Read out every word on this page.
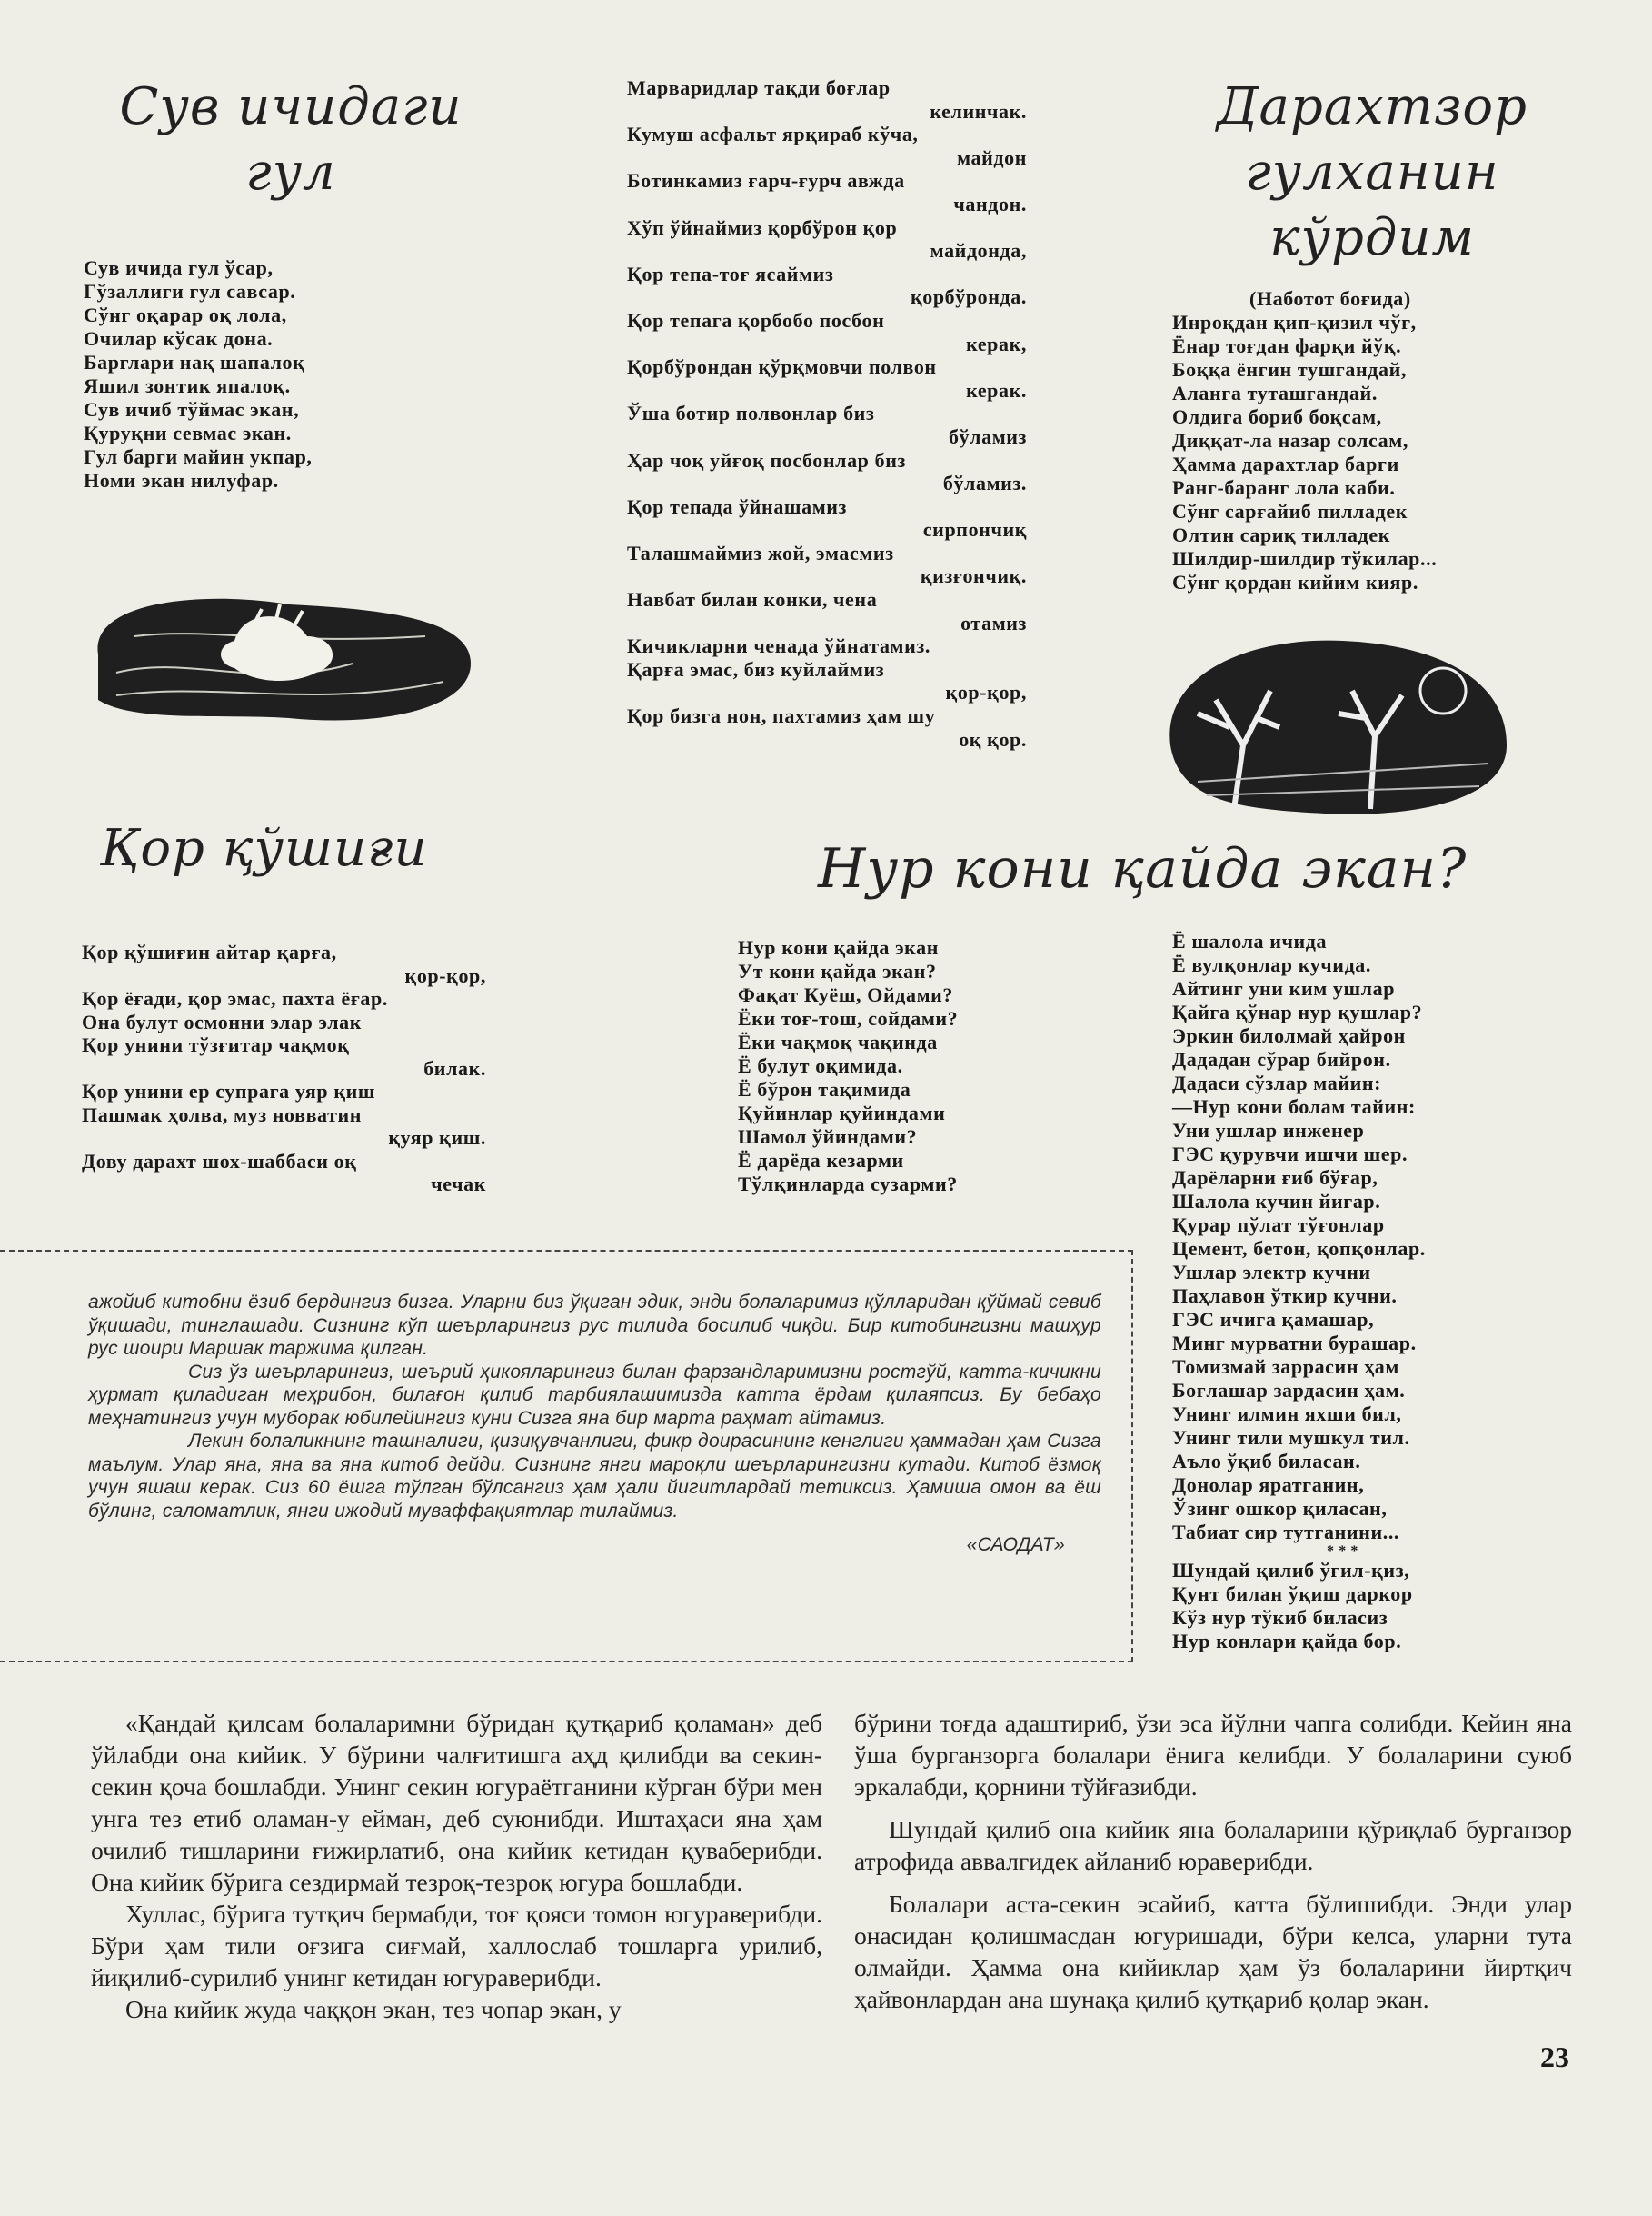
Сув ичидаги гул
Сув ичида гул ўсар,
Гўзаллиги гул савсар.
Сўнг оқарар оқ лола,
Очилар кўсак дона.
Барглари нақ шапалоқ
Яшил зонтик япалоқ.
Сув ичиб тўймас экан,
Қуруқни севмас экан.
Гул барги майин укпар,
Номи экан нилуфар.
Марваридлар тақди боғлар
келинчак.
Кумуш асфальт ярқираб кўча,
майдон
Ботинкамиз ғарч-ғурч авжда
чандон.
Хўп ўйнаймиз қорбўрон қор
майдонда,
Қор тепа-тоғ ясаймиз
қорбўронда.
Қор тепага қорбобо посбон
керак,
Қорбўрондан қўрқмовчи полвон
керак.
Ўша ботир полвонлар биз
бўламиз
Ҳар чоқ уйғоқ посбонлар биз
бўламиз.
Қор тепада ўйнашамиз
сирпончиқ
Талашмаймиз жой, эмасмиз
қизғончиқ.
Навбат билан конки, чена
отамиз
Кичикларни ченада ўйнатамиз.
Қарға эмас, биз куйлаймиз
қор-қор,
Қор бизга нон, пахтамиз ҳам шу
оқ қор.
Дарахтзор
гулханин
кўрдим
(Наботот боғида)
Инроқдан қип-қизил чўғ,
Ёнар тоғдан фарқи йўқ.
Боққа ёнгин тушгандай,
Аланга туташгандай.
Олдига бориб боқсам,
Диққат-ла назар солсам,
Ҳамма дарахтлар барги
Ранг-баранг лола каби.
Сўнг сарғайиб пилладек
Олтин сариқ тилладек
Шилдир-шилдир тўкилар...
Сўнг қордан кийим кияр.
Қор қўшиғи
Қор қўшиғин айтар қарға,
қор-қор,
Қор ёғади, қор эмас, пахта ёғар.
Она булут осмонни элар элак
Қор унини тўзғитар чақмоқ
билак.
Қор унини ер супрага уяр қиш
Пашмак ҳолва, муз новватин
қуяр қиш.
Дову дарахт шох-шаббаси оқ
чечак
Нур кони қайда экан?
Нур кони қайда экан
Ут кони қайда экан?
Фақат Куёш, Ойдами?
Ёки тоғ-тош, сойдами?
Ёки чақмоқ чақинда
Ё булут оқимида.
Ё бўрон тақимида
Қуйинлар қуйиндами
Шамол ўйиндами?
Ё дарёда кезарми
Тўлқинларда сузарми?
Ё шалола ичида
Ё вулқонлар кучида.
Айтинг уни ким ушлар
Қайга қўнар нур қушлар?
Эркин билолмай ҳайрон
Дададан сўрар бийрон.
Дадаси сўзлар майин:
—Нур кони болам тайин:
Уни ушлар инженер
ГЭС қурувчи ишчи шер.
Дарёларни ғиб бўғар,
Шалола кучин йиғар.
Қурар пўлат тўғонлар
Цемент, бетон, қопқонлар.
Ушлар электр кучни
Паҳлавон ўткир кучни.
ГЭС ичига қамашар,
Минг мурватни бурашар.
Томизмай заррасин ҳам
Боғлашар зардасин ҳам.
Унинг илмин яхши бил,
Унинг тили мушкул тил.
Аъло ўқиб биласан.
Донолар яратганин,
Ўзинг ошкор қиласан,
Табиат сир тутганини...
* * *
Шундай қилиб ўғил-қиз,
Қунт билан ўқиш даркор
Кўз нур тўкиб биласиз
Нур конлари қайда бор.

ажойиб китобни ёзиб бердингиз бизга. Уларни биз ўқиган эдик, энди болаларимиз қўлларидан қўймай севиб ўқишади, тинглашади. Сизнинг кўп шеърларингиз рус тилида босилиб чиқди. Бир китобингизни машҳур рус шоири Маршак таржима қилган.

Сиз ўз шеърларингиз, шеърий ҳикояларингиз билан фарзандларимизни ростгўй, катта-кичикни ҳурмат қиладиган меҳрибон, билағон қилиб тарбиялашимизда катта ёрдам қилаяпсиз. Бу бебаҳо меҳнатингиз учун муборак юбилейингиз куни Сизга яна бир марта раҳмат айтамиз.

Лекин болаликнинг ташналиги, қизиқувчанлиги, фикр доирасининг кенглиги ҳаммадан ҳам Сизга маълум. Улар яна, яна ва яна китоб дейди. Сизнинг янги мароқли шеърларингизни кутади. Китоб ёзмоқ учун яшаш керак. Сиз 60 ёшга тўлган бўлсангиз ҳам ҳали йигитлардай тетиксиз. Ҳамиша омон ва ёш бўлинг, саломатлик, янги ижодий муваффақиятлар тилаймиз.

«САОДАТ»

«Қандай қилсам болаларимни бўридан қутқариб қоламан» деб ўйлабди она кийик. У бўрини чалғитишга аҳд қилибди ва секин-секин қоча бошлабди. Унинг секин югураётганини кўрган бўри мен унга тез етиб оламан-у ейман, деб суюнибди. Иштаҳаси яна ҳам очилиб тишларини ғижирлатиб, она кийик кетидан қуваберибди. Она кийик бўрига сездирмай тезроқ-тезроқ югура бошлабди.

Хуллас, бўрига тутқич бермабди, тоғ қояси томон югураверибди. Бўри ҳам тили оғзига сиғмай, халлослаб тошларга урилиб, йиқилиб-сурилиб унинг кетидан югураверибди.

Она кийик жуда чаққон экан, тез чопар экан, у

бўрини тоғда адаштириб, ўзи эса йўлни чапга солибди. Кейин яна ўша бурганзорга болалари ёнига келибди. У болаларини суюб эркалабди, қорнини тўйғазибди.

Шундай қилиб она кийик яна болаларини қўриқлаб бурганзор атрофида аввалгидек айланиб юраверибди.

Болалари аста-секин эсайиб, катта бўлишибди. Энди улар онасидан қолишмасдан югуришади, бўри келса, уларни тута олмайди. Ҳамма она кийиклар ҳам ўз болаларини йиртқич ҳайвонлардан ана шунақа қилиб қутқариб қолар экан.

23
